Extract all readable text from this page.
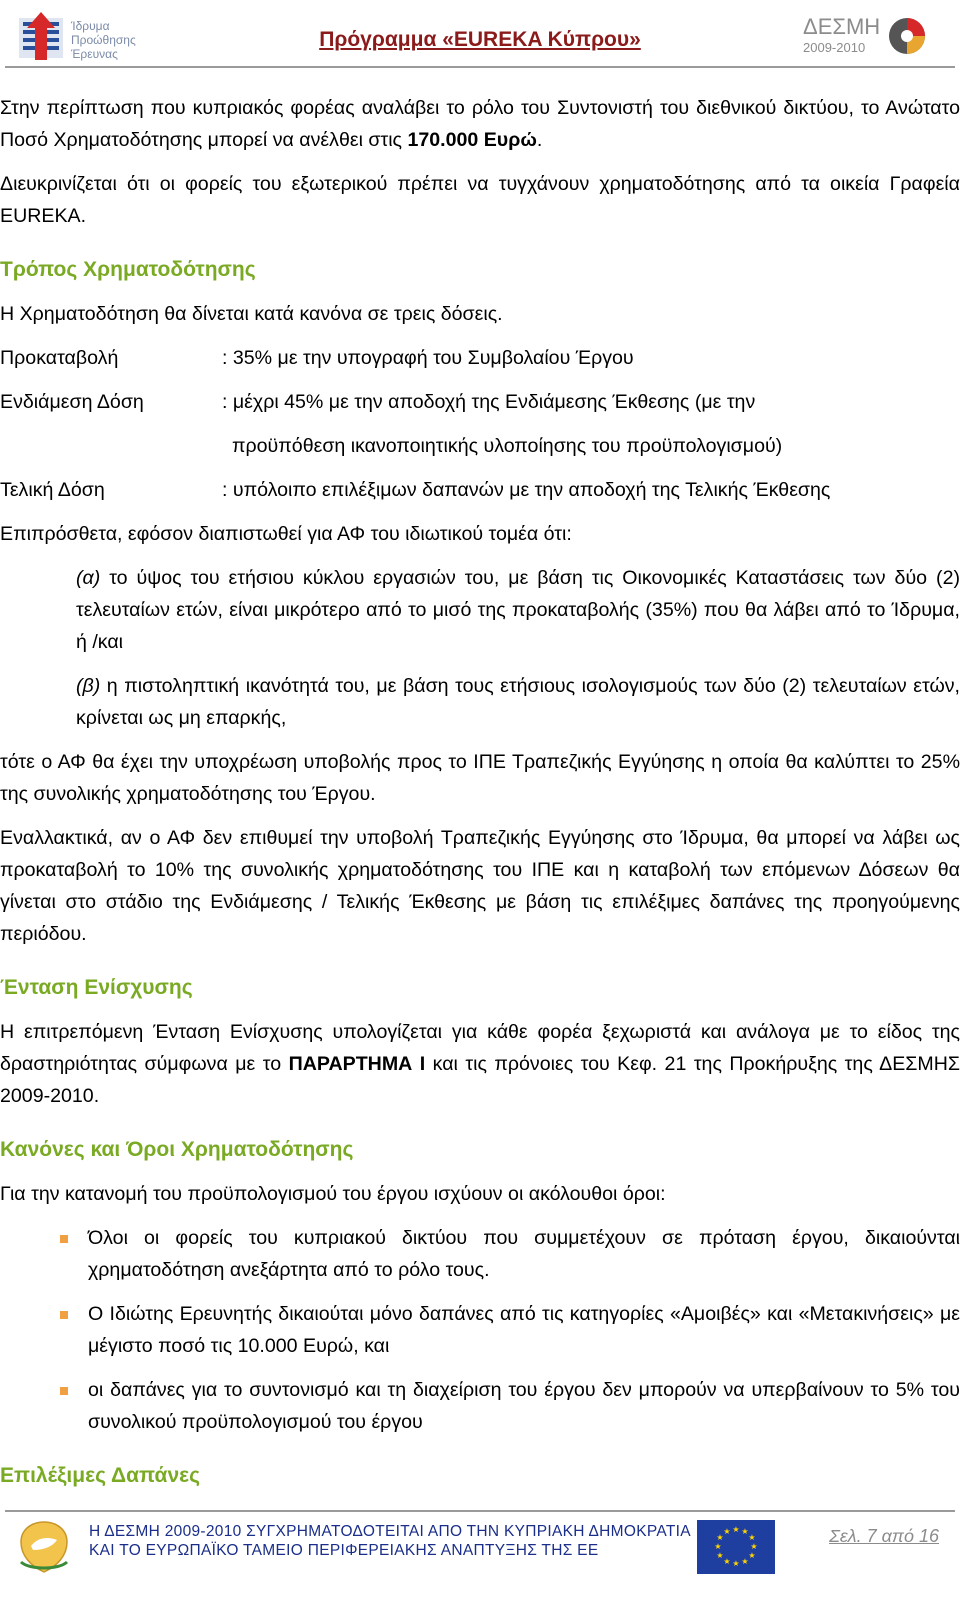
Ίδρυμα
Προώθησης
Έρευνας
Πρόγραμμα «EUREKA Κύπρου»
ΔΕΣΜΗ
2009-2010

Στην περίπτωση που κυπριακός φορέας αναλάβει το ρόλο του Συντονιστή του διεθνικού δικτύου, το Ανώτατο Ποσό Χρηματοδότησης μπορεί να ανέλθει στις 170.000 Ευρώ.

Διευκρινίζεται ότι οι φορείς του εξωτερικού πρέπει να τυγχάνουν χρηματοδότησης από τα οικεία Γραφεία EUREKA.

Τρόπος Χρηματοδότησης

Η Χρηματοδότηση θα δίνεται κατά κανόνα σε τρεις δόσεις.

Προκαταβολή	: 35% με την υπογραφή του Συμβολαίου Έργου
Ενδιάμεση Δόση	: μέχρι 45% με την αποδοχή της Ενδιάμεσης Έκθεσης (με την
προϋπόθεση ικανοποιητικής υλοποίησης του προϋπολογισμού)
Τελική Δόση	: υπόλοιπο επιλέξιμων δαπανών με την αποδοχή της Τελικής Έκθεσης

Επιπρόσθετα, εφόσον διαπιστωθεί για ΑΦ του ιδιωτικού τομέα ότι:

(α) το ύψος του ετήσιου κύκλου εργασιών του, με βάση τις Οικονομικές Καταστάσεις των δύο (2) τελευταίων ετών, είναι μικρότερο από το μισό της προκαταβολής (35%) που θα λάβει από το Ίδρυμα, ή /και

(β) η πιστοληπτική ικανότητά του, με βάση τους ετήσιους ισολογισμούς των δύο (2) τελευταίων ετών, κρίνεται ως μη επαρκής,

τότε ο ΑΦ θα έχει την υποχρέωση υποβολής προς το ΙΠΕ Τραπεζικής Εγγύησης η οποία θα καλύπτει το 25% της συνολικής χρηματοδότησης του Έργου.

Εναλλακτικά, αν ο ΑΦ δεν επιθυμεί την υποβολή Τραπεζικής Εγγύησης στο Ίδρυμα, θα μπορεί να λάβει ως προκαταβολή το 10% της συνολικής χρηματοδότησης του ΙΠΕ και η καταβολή των επόμενων Δόσεων θα γίνεται στο στάδιο της Ενδιάμεσης / Τελικής Έκθεσης με βάση τις επιλέξιμες δαπάνες της προηγούμενης περιόδου.

Ένταση Ενίσχυσης

Η επιτρεπόμενη Ένταση Ενίσχυσης υπολογίζεται για κάθε φορέα ξεχωριστά και ανάλογα με το είδος της δραστηριότητας σύμφωνα με το ΠΑΡΑΡΤΗΜΑ Ι και τις πρόνοιες του Κεφ. 21 της Προκήρυξης της ΔΕΣΜΗΣ 2009-2010.

Κανόνες και Όροι Χρηματοδότησης

Για την κατανομή του προϋπολογισμού του έργου ισχύουν οι ακόλουθοι όροι:

Όλοι οι φορείς του κυπριακού δικτύου που συμμετέχουν σε πρόταση έργου, δικαιούνται χρηματοδότηση ανεξάρτητα από το ρόλο τους.
Ο Ιδιώτης Ερευνητής δικαιούται μόνο δαπάνες από τις κατηγορίες «Αμοιβές» και «Μετακινήσεις» με μέγιστο ποσό τις 10.000 Ευρώ, και
οι δαπάνες για το συντονισμό και τη διαχείριση του έργου δεν μπορούν να υπερβαίνουν το 5% του συνολικού προϋπολογισμού του έργου
Επιλέξιμες Δαπάνες
Η ΔΕΣΜΗ 2009-2010 ΣΥΓΧΡΗΜΑΤΟΔΟΤΕΙΤΑΙ ΑΠΟ ΤΗΝ ΚΥΠΡΙΑΚΗ ΔΗΜΟΚΡΑΤΙΑ
ΚΑΙ ΤΟ ΕΥΡΩΠΑΪΚΟ ΤΑΜΕΙΟ ΠΕΡΙΦΕΡΕΙΑΚΗΣ ΑΝΑΠΤΥΞΗΣ ΤΗΣ ΕΕ
★ ★
★
★
★
★
★
★
★
★
★
★	Σελ. 7 από 16
